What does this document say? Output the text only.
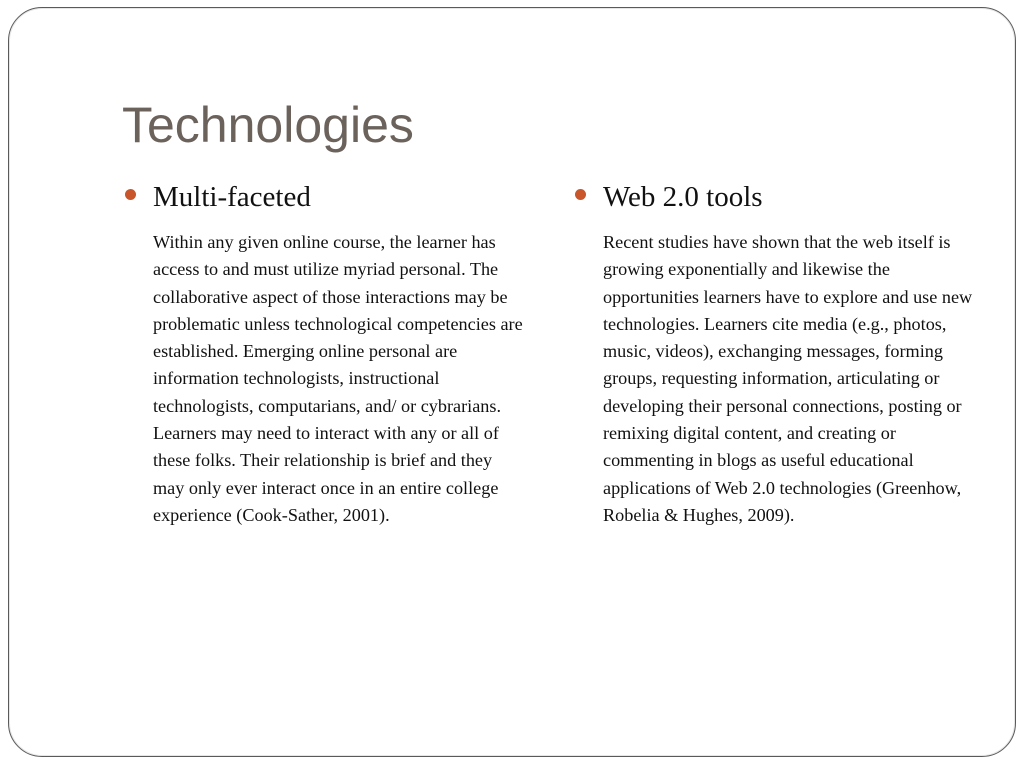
Technologies
Multi-faceted

Within any given online course, the learner has access to and must utilize myriad personal. The collaborative aspect of those interactions may be problematic unless technological competencies are established. Emerging online personal are information technologists, instructional technologists, computarians, and/ or cybrarians. Learners may need to interact with any or all of these folks. Their relationship is brief and they may only ever interact once in an entire college experience (Cook-Sather, 2001).

Web 2.0 tools

Recent studies have shown that the web itself is growing exponentially and likewise the opportunities learners have to explore and use new technologies. Learners cite media (e.g., photos, music, videos), exchanging messages, forming groups, requesting information, articulating or developing their personal connections, posting or remixing digital content, and creating or commenting in blogs as useful educational applications of Web 2.0 technologies (Greenhow, Robelia & Hughes, 2009).
